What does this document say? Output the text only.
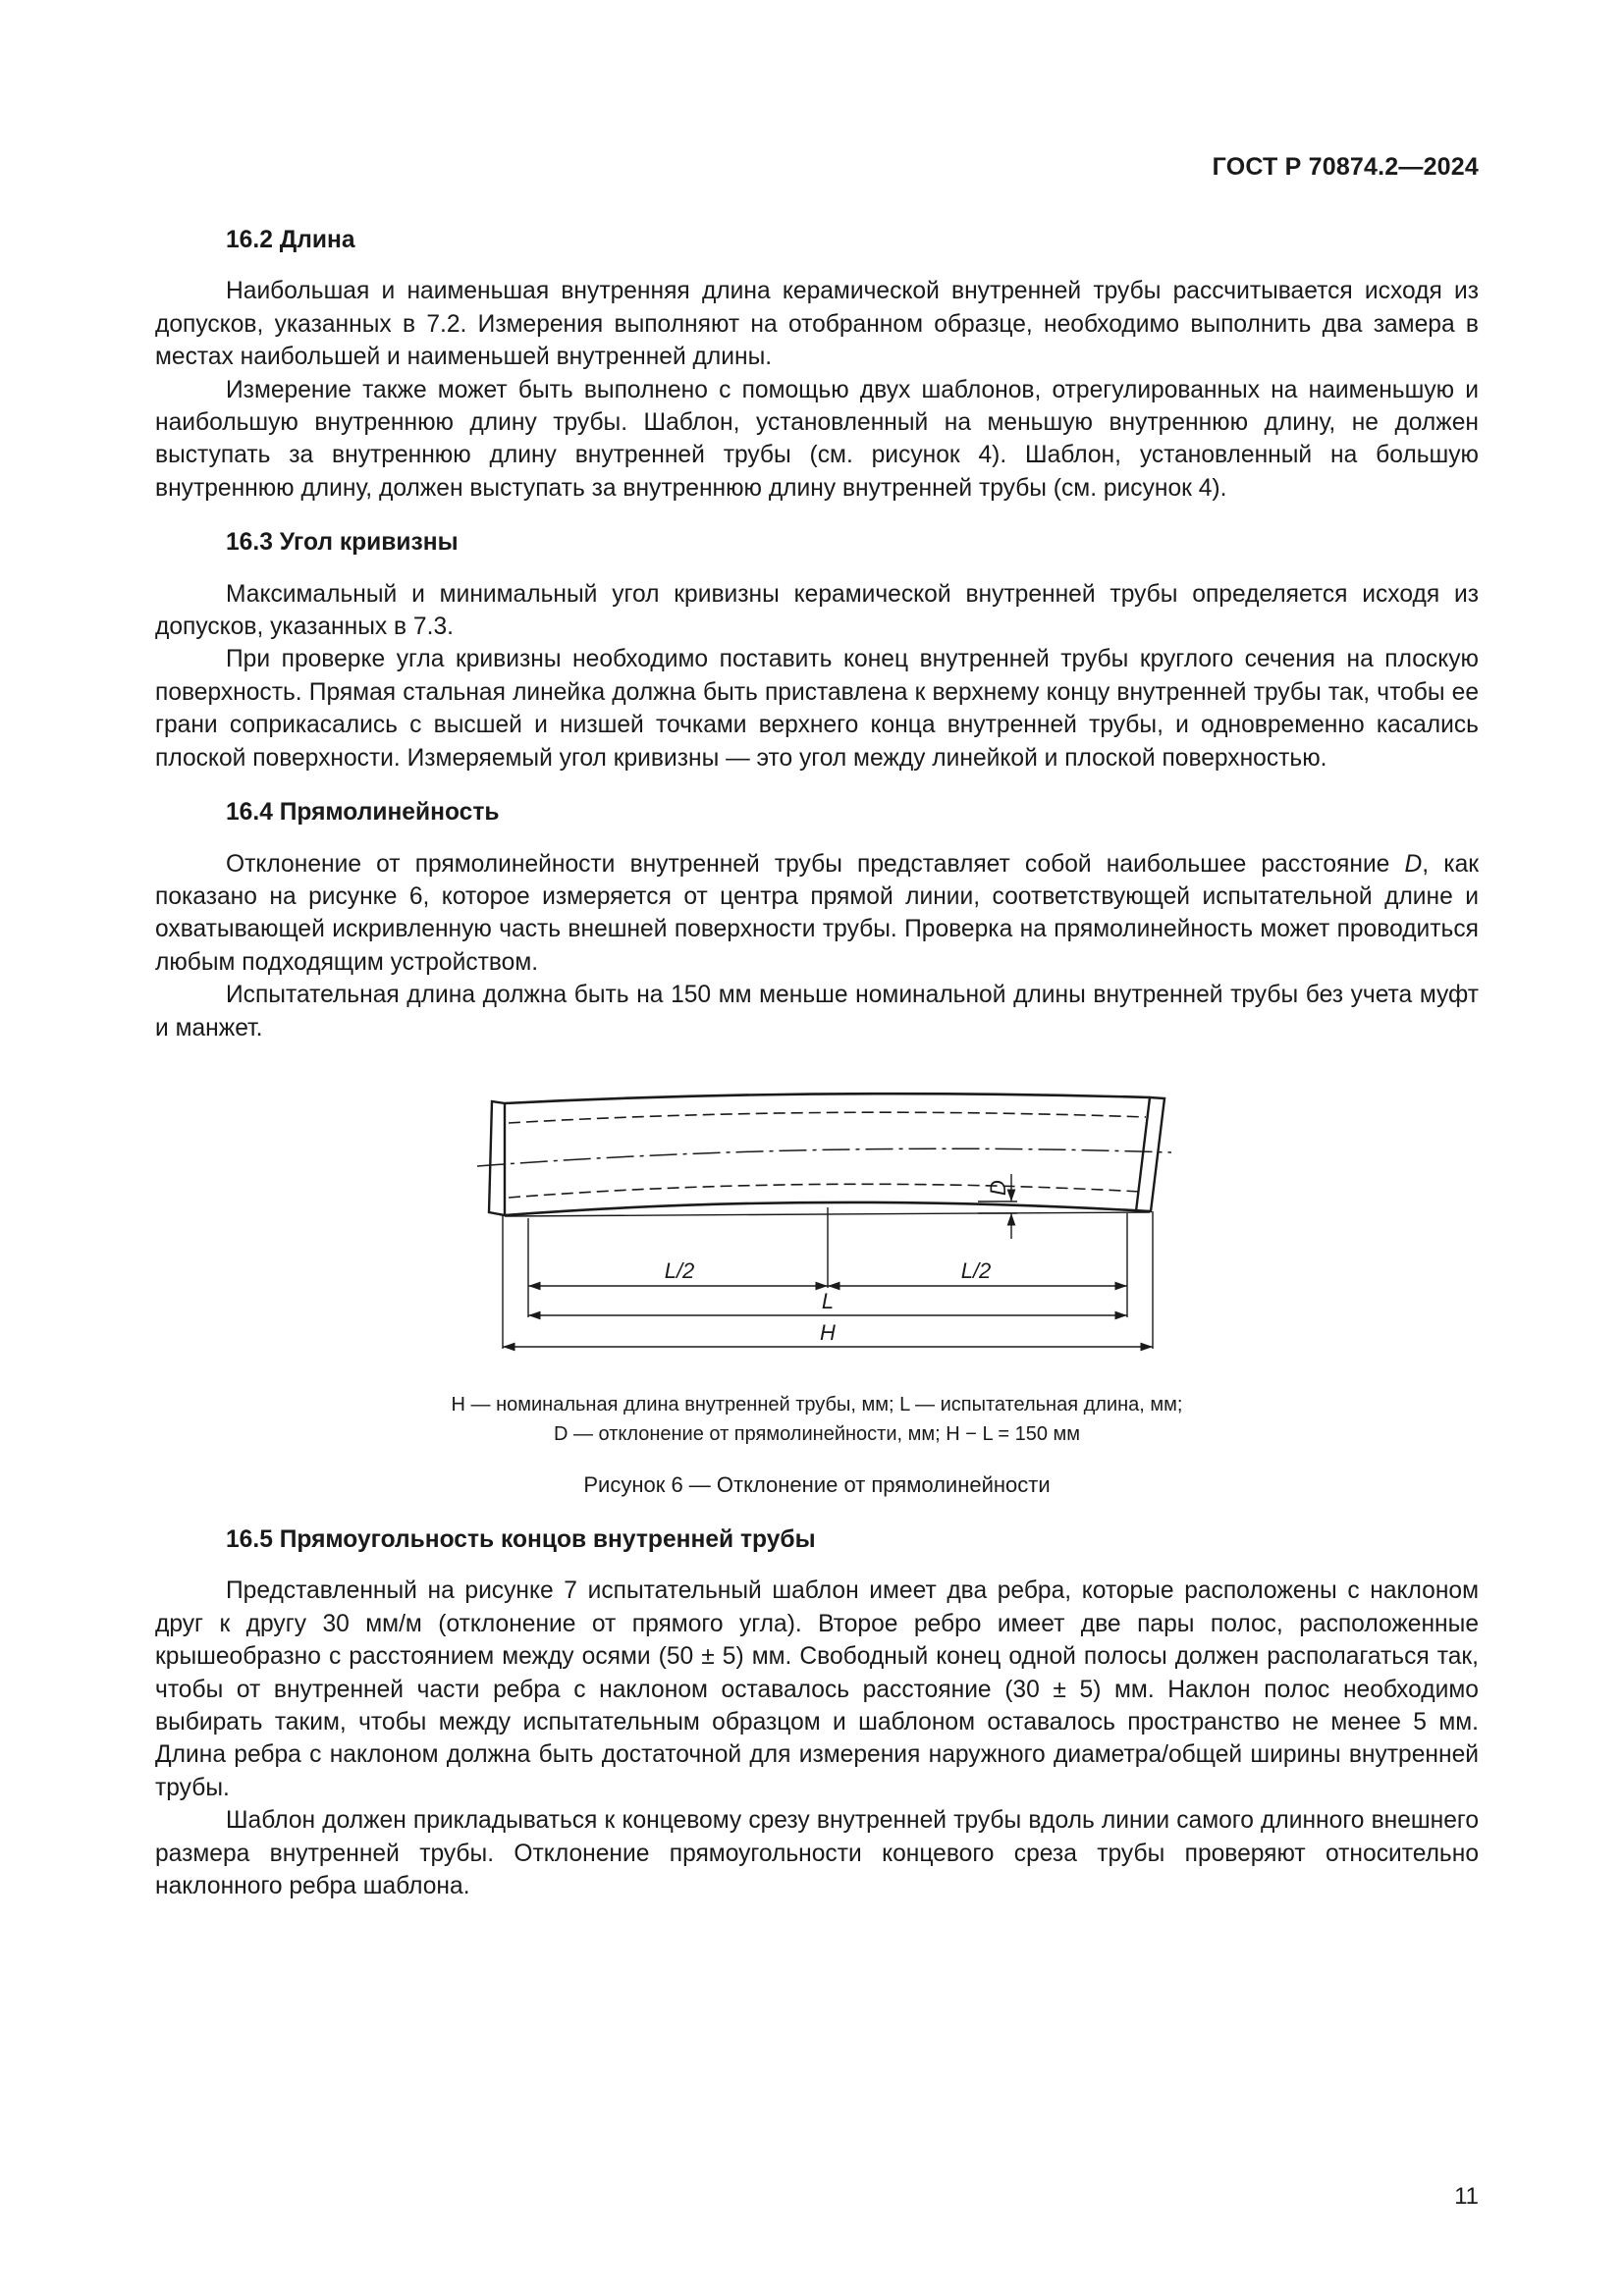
ГОСТ Р 70874.2—2024
16.2 Длина

Наибольшая и наименьшая внутренняя длина керамической внутренней трубы рассчитывается исходя из допусков, указанных в 7.2. Измерения выполняют на отобранном образце, необходимо выполнить два замера в местах наибольшей и наименьшей внутренней длины.

Измерение также может быть выполнено с помощью двух шаблонов, отрегулированных на наименьшую и наибольшую внутреннюю длину трубы. Шаблон, установленный на меньшую внутреннюю длину, не должен выступать за внутреннюю длину внутренней трубы (см. рисунок 4). Шаблон, установленный на большую внутреннюю длину, должен выступать за внутреннюю длину внутренней трубы (см. рисунок 4).

16.3 Угол кривизны

Максимальный и минимальный угол кривизны керамической внутренней трубы определяется исходя из допусков, указанных в 7.3.

При проверке угла кривизны необходимо поставить конец внутренней трубы круглого сечения на плоскую поверхность. Прямая стальная линейка должна быть приставлена к верхнему концу внутренней трубы так, чтобы ее грани соприкасались с высшей и низшей точками верхнего конца внутренней трубы, и одновременно касались плоской поверхности. Измеряемый угол кривизны — это угол между линейкой и плоской поверхностью.

16.4 Прямолинейность

Отклонение от прямолинейности внутренней трубы представляет собой наибольшее расстояние D, как показано на рисунке 6, которое измеряется от центра прямой линии, соответствующей испытательной длине и охватывающей искривленную часть внешней поверхности трубы. Проверка на прямолинейность может проводиться любым подходящим устройством.

Испытательная длина должна быть на 150 мм меньше номинальной длины внутренней трубы без учета муфт и манжет.

L/2	L/2
L
H
D
H — номинальная длина внутренней трубы, мм; L — испытательная длина, мм;
D — отклонение от прямолинейности, мм; H − L = 150 мм
Рисунок 6 — Отклонение от прямолинейности
16.5 Прямоугольность концов внутренней трубы

Представленный на рисунке 7 испытательный шаблон имеет два ребра, которые расположены с наклоном друг к другу 30 мм/м (отклонение от прямого угла). Второе ребро имеет две пары полос, расположенные крышеобразно с расстоянием между осями (50 ± 5) мм. Свободный конец одной полосы должен располагаться так, чтобы от внутренней части ребра с наклоном оставалось расстояние (30 ± 5) мм. Наклон полос необходимо выбирать таким, чтобы между испытательным образцом и шаблоном оставалось пространство не менее 5 мм. Длина ребра с наклоном должна быть достаточной для измерения наружного диаметра/общей ширины внутренней трубы.

Шаблон должен прикладываться к концевому срезу внутренней трубы вдоль линии самого длинного внешнего размера внутренней трубы. Отклонение прямоугольности концевого среза трубы проверяют относительно наклонного ребра шаблона.

11
